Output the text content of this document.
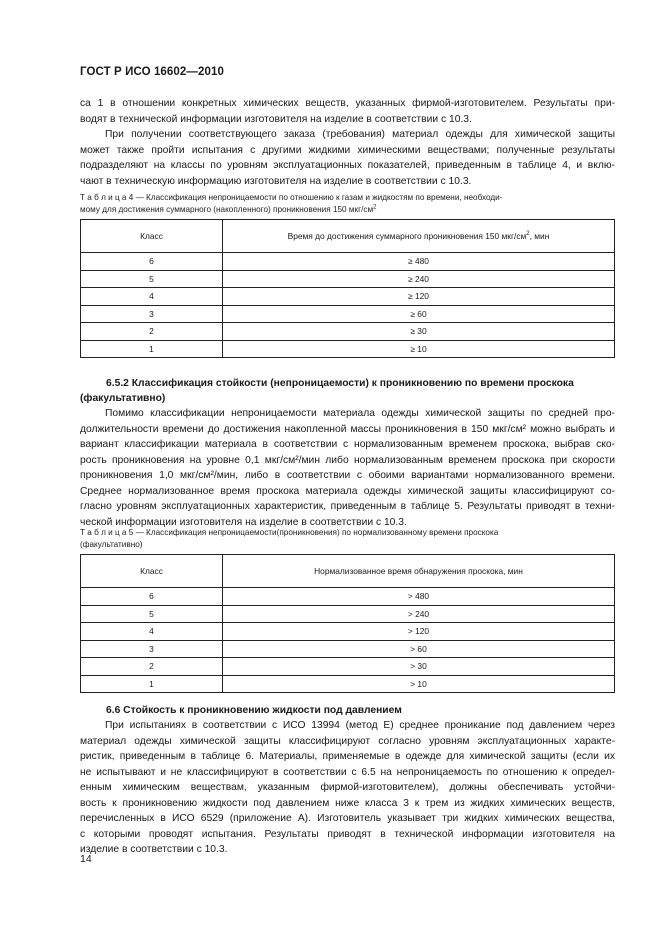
ГОСТ Р ИСО 16602—2010
са 1 в отношении конкретных химических веществ, указанных фирмой-изготовителем. Результаты при-
водят в технической информации изготовителя на изделие в соответствии с 10.3.
При получении соответствующего заказа (требования) материал одежды для химической защиты
может также пройти испытания с другими жидкими химическими веществами; полученные результаты
подразделяют на классы по уровням эксплуатационных показателей, приведенным в таблице 4, и вклю-
чают в техническую информацию изготовителя на изделие в соответствии с 10.3.
Т а б л и ц а 4 — Классификация непроницаемости по отношению к газам и жидкостям по времени, необходи-
мому для достижения суммарного (накопленного) проникновения 150 мкг/$см^2$
Класс	Время до достижения суммарного проникновения 150 мкг/$см^2$, мин
6	≥ 480
5	≥ 240
4	≥ 120
3	≥ 60
2	≥ 30
1	≥ 10
6.5.2 Классификация стойкости (непроницаемости) к проникновению по времени проскока
(факультативно)
Помимо классификации непроницаемости материала одежды химической защиты по средней про-
должительности времени до достижения накопленной массы проникновения в 150 мкг/см² можно выбрать и
вариант классификации материала в соответствии с нормализованным временем проскока, выбрав ско-
рость проникновения на уровне 0,1 мкг/см²/мин либо нормализованным временем проскока при скорости
проникновения 1,0 мкг/см²/мин, либо в соответствии с обоими вариантами нормализованного времени.
Среднее нормализованное время проскока материала одежды химической защиты классифицируют со-
гласно уровням эксплуатационных характеристик, приведенным в таблице 5. Результаты приводят в техни-
ческой информации изготовителя на изделие в соответствии с 10.3.
Т а б л и ц а 5 — Классификация непроницаемости(проникновения) по нормализованному времени проскока
(факультативно)
Класс	Нормализованное время обнаружения проскока, мин
6	> 480
5	> 240
4	> 120
3	> 60
2	> 30
1	> 10
6.6 Стойкость к проникновению жидкости под давлением
При испытаниях в соответствии с ИСО 13994 (метод Е) среднее проникание под давлением через
материал одежды химической защиты классифицируют согласно уровням эксплуатационных характе-
ристик, приведенным в таблице 6. Материалы, применяемые в одежде для химической защиты (если их
не испытывают и не классифицируют в соответствии с 6.5 на непроницаемость по отношению к определ-
енным химическим веществам, указанным фирмой-изготовителем), должны обеспечивать устойчи-
вость к проникновению жидкости под давлением ниже класса 3 к трем из жидких химических веществ,
перечисленных в ИСО 6529 (приложение А). Изготовитель указывает три жидких химических вещества,
с которыми проводят испытания. Результаты приводят в технической информации изготовителя на
изделие в соответствии с 10.3.
14
